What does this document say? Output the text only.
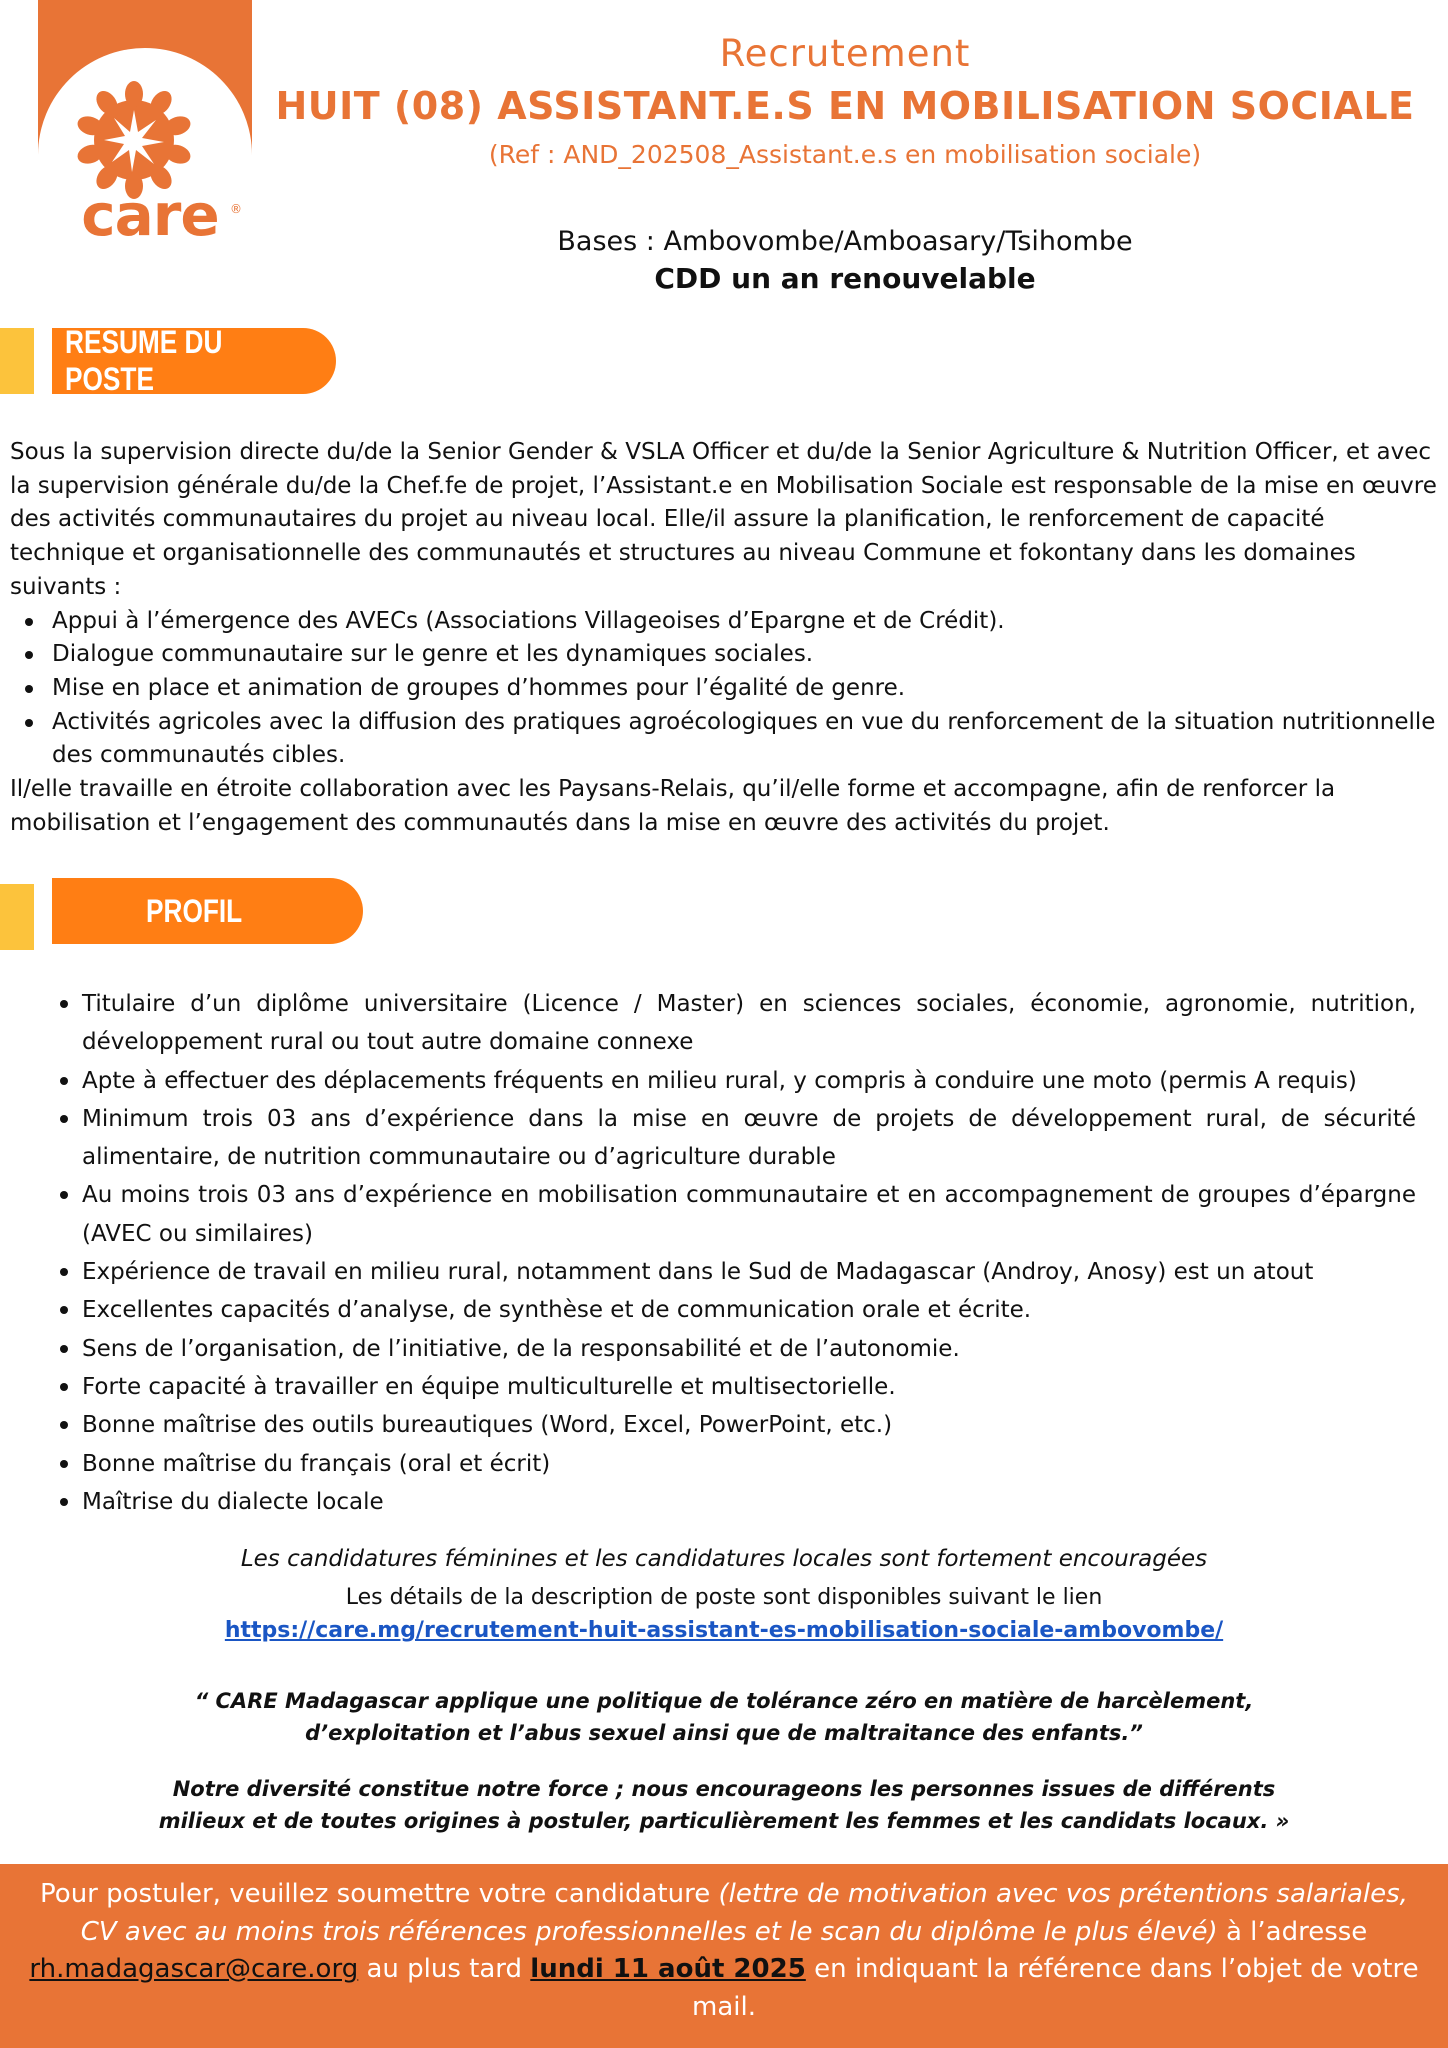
care ®
Recrutement
HUIT (08) ASSISTANT.E.S EN MOBILISATION SOCIALE
(Ref : AND_202508_Assistant.e.s en mobilisation sociale)
Bases : Ambovombe/Amboasary/Tsihombe
CDD un an renouvelable
RESUME DU POSTE

Sous la supervision directe du/de la Senior Gender & VSLA Officer et du/de la Senior Agriculture & Nutrition Officer, et avec la supervision générale du/de la Chef.fe de projet, l’Assistant.e en Mobilisation Sociale est responsable de la mise en œuvre des activités communautaires du projet au niveau local. Elle/il assure la planification, le renforcement de capacité technique et organisationnelle des communautés et structures au niveau Commune et fokontany dans les domaines suivants :

Appui à l’émergence des AVECs (Associations Villageoises d’Epargne et de Crédit).
Dialogue communautaire sur le genre et les dynamiques sociales.
Mise en place et animation de groupes d’hommes pour l’égalité de genre.
Activités agricoles avec la diffusion des pratiques agroécologiques en vue du renforcement de la situation nutritionnelle des communautés cibles.

Il/elle travaille en étroite collaboration avec les Paysans-Relais, qu’il/elle forme et accompagne, afin de renforcer la mobilisation et l’engagement des communautés dans la mise en œuvre des activités du projet.

PROFIL
Titulaire d’un diplôme universitaire (Licence / Master) en sciences sociales, économie, agronomie, nutrition, développement rural ou tout autre domaine connexe
Apte à effectuer des déplacements fréquents en milieu rural, y compris à conduire une moto (permis A requis)
Minimum trois 03 ans d’expérience dans la mise en œuvre de projets de développement rural, de sécurité alimentaire, de nutrition communautaire ou d’agriculture durable
Au moins trois 03 ans d’expérience en mobilisation communautaire et en accompagnement de groupes d’épargne (AVEC ou similaires)
Expérience de travail en milieu rural, notamment dans le Sud de Madagascar (Androy, Anosy) est un atout
Excellentes capacités d’analyse, de synthèse et de communication orale et écrite.
Sens de l’organisation, de l’initiative, de la responsabilité et de l’autonomie.
Forte capacité à travailler en équipe multiculturelle et multisectorielle.
Bonne maîtrise des outils bureautiques (Word, Excel, PowerPoint, etc.)
Bonne maîtrise du français (oral et écrit)
Maîtrise du dialecte locale
Les candidatures féminines et les candidatures locales sont fortement encouragées
Les détails de la description de poste sont disponibles suivant le lien
https://care.mg/recrutement-huit-assistant-es-mobilisation-sociale-ambovombe/
“ CARE Madagascar applique une politique de tolérance zéro en matière de harcèlement,
d’exploitation et l’abus sexuel ainsi que de maltraitance des enfants.”
Notre diversité constitue notre force ; nous encourageons les personnes issues de différents
milieux et de toutes origines à postuler, particulièrement les femmes et les candidats locaux. »
Pour postuler, veuillez soumettre votre candidature (lettre de motivation avec vos prétentions salariales, CV avec au moins trois références professionnelles et le scan du diplôme le plus élevé) à l’adresse rh.madagascar@care.org au plus tard lundi 11 août 2025 en indiquant la référence dans l’objet de votre mail.
